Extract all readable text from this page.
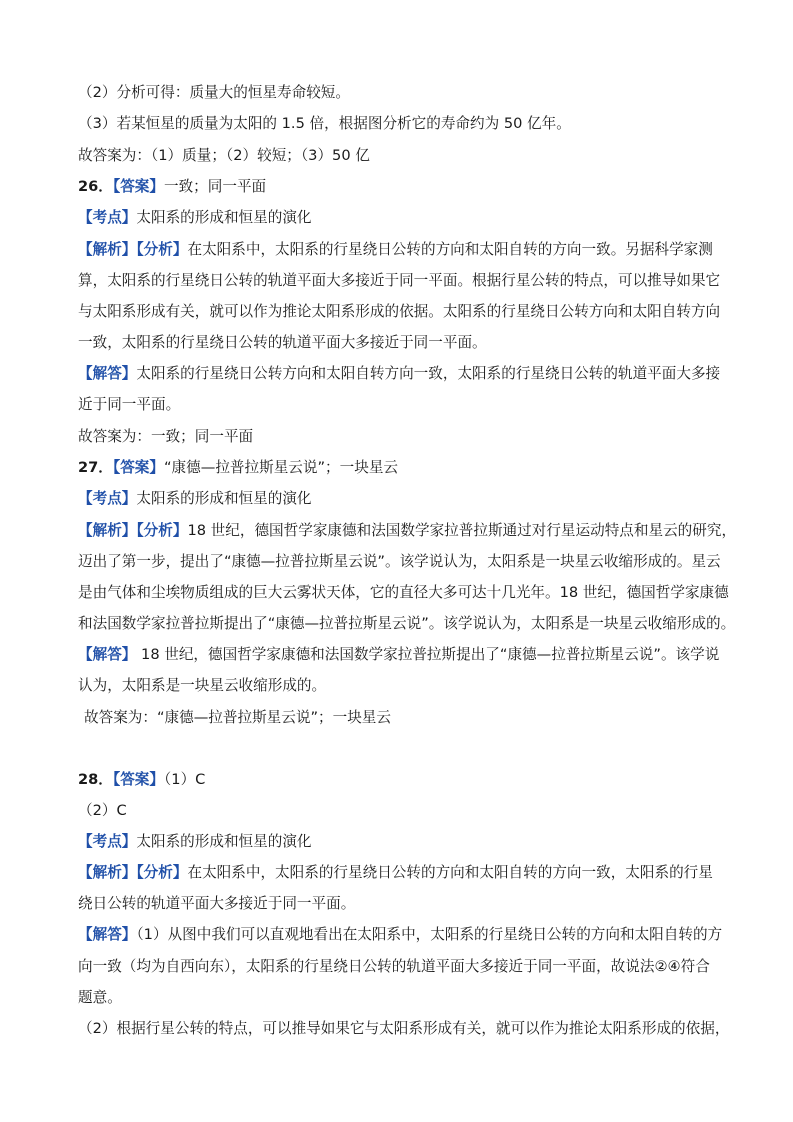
（2）分析可得：质量大的恒星寿命较短。
（3）若某恒星的质量为太阳的 1.5 倍，根据图分析它的寿命约为 50 亿年。
故答案为：（1）质量；（2）较短；（3）50 亿
26．【答案】一致；同一平面
【考点】太阳系的形成和恒星的演化
【解析】【分析】在太阳系中，太阳系的行星绕日公转的方向和太阳自转的方向一致。另据科学家测
算，太阳系的行星绕日公转的轨道平面大多接近于同一平面。根据行星公转的特点，可以推导如果它
与太阳系形成有关，就可以作为推论太阳系形成的依据。太阳系的行星绕日公转方向和太阳自转方向
一致，太阳系的行星绕日公转的轨道平面大多接近于同一平面。
【解答】太阳系的行星绕日公转方向和太阳自转方向一致，太阳系的行星绕日公转的轨道平面大多接
近于同一平面。
故答案为：一致；同一平面
27．【答案】“康德—拉普拉斯星云说”；一块星云
【考点】太阳系的形成和恒星的演化
【解析】【分析】18 世纪，德国哲学家康德和法国数学家拉普拉斯通过对行星运动特点和星云的研究，
迈出了第一步，提出了“康德—拉普拉斯星云说”。该学说认为，太阳系是一块星云收缩形成的。星云
是由气体和尘埃物质组成的巨大云雾状天体，它的直径大多可达十几光年。18 世纪，德国哲学家康德
和法国数学家拉普拉斯提出了“康德—拉普拉斯星云说”。该学说认为，太阳系是一块星云收缩形成的。
【解答】 18 世纪，德国哲学家康德和法国数学家拉普拉斯提出了“康德—拉普拉斯星云说”。该学说
认为，太阳系是一块星云收缩形成的。
故答案为：“康德—拉普拉斯星云说”；一块星云
28．【答案】（1）C
（2）C
【考点】太阳系的形成和恒星的演化
【解析】【分析】在太阳系中，太阳系的行星绕日公转的方向和太阳自转的方向一致，太阳系的行星
绕日公转的轨道平面大多接近于同一平面。
【解答】（1）从图中我们可以直观地看出在太阳系中，太阳系的行星绕日公转的方向和太阳自转的方
向一致（均为自西向东），太阳系的行星绕日公转的轨道平面大多接近于同一平面，故说法②④符合
题意。
（2）根据行星公转的特点，可以推导如果它与太阳系形成有关，就可以作为推论太阳系形成的依据，
